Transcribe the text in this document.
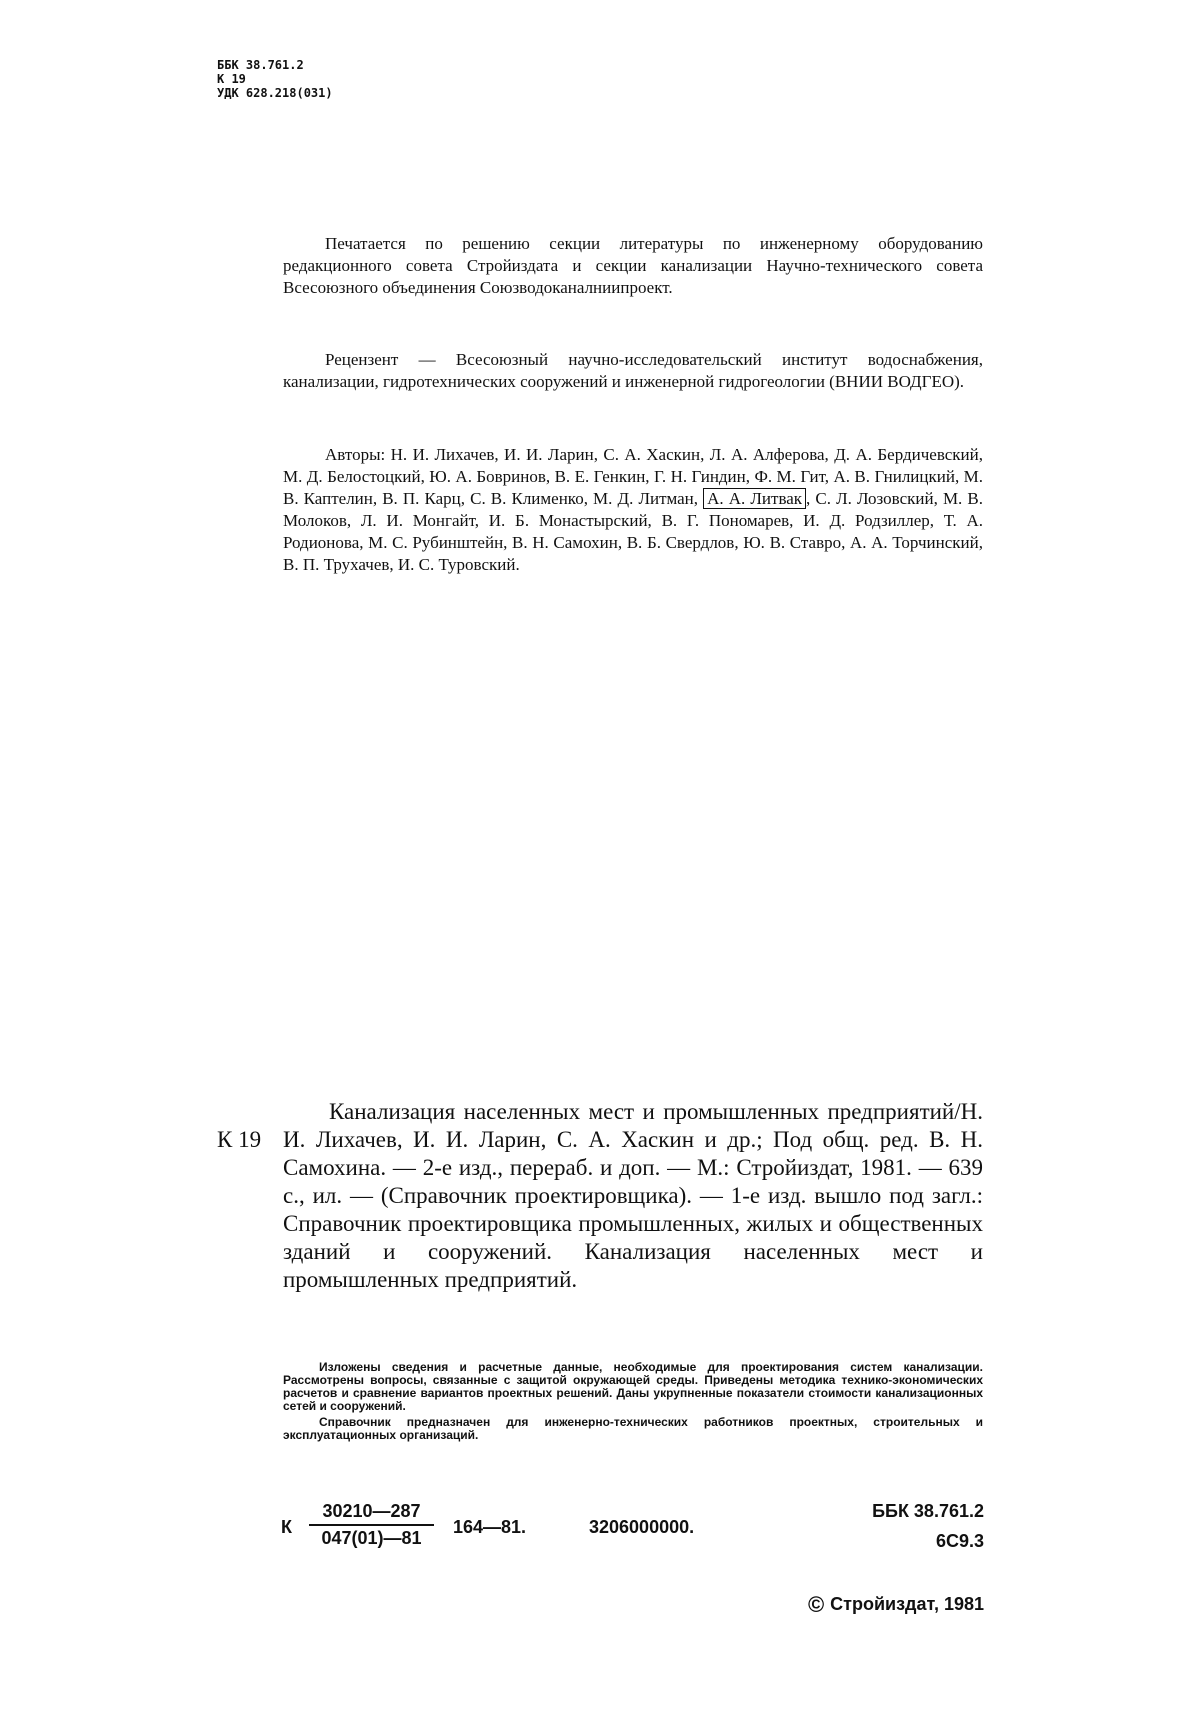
ББК 38.761.2
К 19
УДК 628.218(031)
Печатается по решению секции литературы по инженерному оборудованию редакционного совета Стройиздата и секции канализации Научно-технического совета Всесоюзного объединения Союзводоканалниипроект.
Рецензент — Всесоюзный научно-исследовательский институт водоснабжения, канализации, гидротехнических сооружений и инженерной гидрогеологии (ВНИИ ВОДГЕО).
Авторы: Н. И. Лихачев, И. И. Ларин, С. А. Хаскин, Л. А. Алферова, Д. А. Бердичевский, М. Д. Белостоцкий, Ю. А. Бовринов, В. Е. Генкин, Г. Н. Гиндин, Ф. М. Гит, А. В. Гнилицкий, М. В. Каптелин, В. П. Карц, С. В. Клименко, М. Д. Литман, А. А. Литвак , С. Л. Лозовский, М. В. Молоков, Л. И. Монгайт, И. Б. Монастырский, В. Г. Пономарев, И. Д. Родзиллер, Т. А. Родионова, М. С. Рубинштейн, В. Н. Самохин, В. Б. Свердлов, Ю. В. Ставро, А. А. Торчинский, В. П. Трухачев, И. С. Туровский.
К 19
Канализация населенных мест и промышленных предприятий/Н. И. Лихачев, И. И. Ларин, С. А. Хаскин и др.; Под общ. ред. В. Н. Самохина. — 2-е изд., перераб. и доп. — М.: Стройиздат, 1981. — 639 с., ил. — (Справочник проектировщика). — 1-е изд. вышло под загл.: Справочник проектировщика промышленных, жилых и общественных зданий и сооружений. Канализация населенных мест и промышленных предприятий.

Изложены сведения и расчетные данные, необходимые для проектирования систем канализации. Рассмотрены вопросы, связанные с защитой окружающей среды. Приведены методика технико-экономических расчетов и сравнение вариантов проектных решений. Даны укрупненные показатели стоимости канализационных сетей и сооружений.

Справочник предназначен для инженерно-технических работников проектных, строительных и эксплуатационных организаций.

К $\frac{30210—287}{047(01)—81}$ 164—81.	3206000000.
ББК 38.761.2
6С9.3
© Стройиздат, 1981
